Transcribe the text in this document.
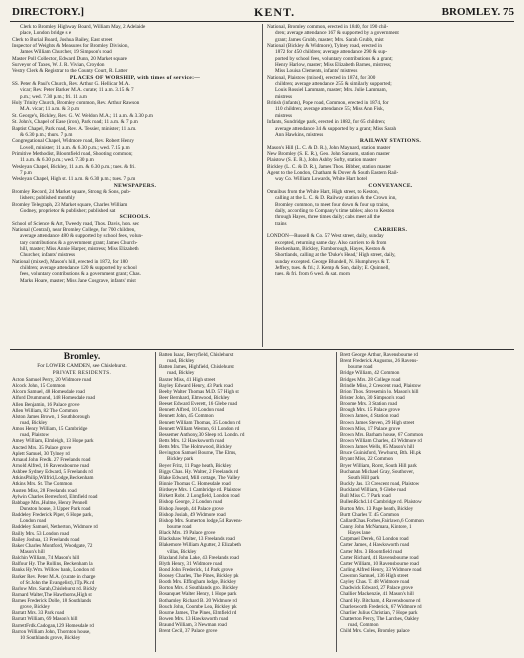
DIRECTORY.]	KENT.	BROMLEY. 75
Clerk to Bromley Highway Board, William May, 2 Adelaide
place, London bridge s e
Clerk to Burial Board, Joshua Bailey, East street
Inspector of Weights & Measures for Bromley Division,
James William Churcher, 19 Simpson's road
Master Poll Collector, Edward Dunn, 20 Market square
Surveyor of Taxes, W. J. R. Vivian, Croydon
Vestry Clerk & Registrar to the County Court, R. Latter
PLACES OF WORSHIP, with times of service:—
SS. Peter & Paul's Church, Rev. Arthur G. Hellicar M.A.
vicar; Rev. Peter Barker M.A. curate; 11 a.m. 3.15 & 7
p.m.; wed. 7.30 p.m.; fri. 11 a.m
Holy Trinity Church, Bromley common, Rev. Arthur Rawson
M.A. vicar; 11 a.m. & 3 p.m
St. George's, Bickley, Rev. G. W. Weldon M.A.; 11 a.m. & 3.30 p.m
St. John's, Chapel of Ease (iron), Park road; 11 a.m. & 7 p.m
Baptist Chapel, Park road, Rev. A. Tessier, minister; 11 a.m.
& 6.30 p.m.; thurs. 7 p.m
Congregational Chapel, Widmore road, Rev. Robert Henry
Lovell, minister; 11 a.m. & 6.30 p.m.; wed. 7.15 p.m
Primitive Methodist, Bloomfield road, Shooting common;
11 a.m. & 6.30 p.m.; wed. 7.30 p.m
Wesleyan Chapel, Bickley, 11 a.m. & 6.30 p.m.; tues. & fri.
7 p.m
Wesleyan Chapel, High st. 11 a.m. & 6.30 p.m.; tues. 7 p.m
NEWSPAPERS.
Bromley Record, 24 Market square, Strong & Sons, pub-
lishers; published monthly
Bromley Telegraph, 23 Market square, Charles William
Godney, proprietor & publisher; published sat
SCHOOLS.
School of Science & Art, Tweedy road, Thos. Davis, hon. sec
National (Central), near Bromley College, for 700 children,
average attendance 480 & supported by school fees, volun-
tary contributions & a government grant; James Church-
hill, master; Miss Annie Harper, mistress; Miss Elizabeth
Churcher, infants' mistress
National (mixed), Mason's hill, erected in 1872, for 180
children; average attendance 120 & supported by school
fees, voluntary contributions & a government grant; Chas.
Marks Hoare, master; Miss Jane Cosgrave, infants' mist
National, Bromley common, erected in 1840, for 190 chil-
dren; average attendance 167 & supported by a government
grant; James Grubb, master; Mrs. Sarah Grubb, mist
National (Bickley & Widmore), Tylney road, erected in
1872 for 450 children; average attendance 290 & sup-
ported by school fees, voluntary contributions & a grant;
Henry Harlow, master; Miss Elizabeth Barnes, mistress;
Miss Louisa Clements, infants' mistress
National, Plaistow (mixed), erected in 1874, for 300
children; average attendance 255 & similarly supported;
Louis Rossiel Lammam, master; Mrs. Julie Lammam,
mistress
British (infants), Pope road, Common, erected in 1874, for
110 children; average attendance 55; Miss Ann Fisk,
mistress
Infants, Sundridge park, erected in 1882, for 65 children;
average attendance 34 & supported by a grant; Miss Sarah
Ann Hawkins, mistress
RAILWAY STATIONS.
Mason's Hill (L. C. & D. R.), John Maynard, station master
New Bromley (S. E. R.), Geo. John Sansom, station master
Plaistow (S. E. R.), John Ashby Softy, station master
Bickley (L. C. & D. R.), James Thos. Bibber, station master
Agent to the London, Chatham & Dover & South Eastern Rail-
way Co. William Lowards, White Hart hotel
CONVEYANCE.
Omnibus from the White Hart, High street, to Keston,
calling at the L. C. & D. Railway station & the Crown inn,
Bromley common, to meet four down & four up trains,
daily, according to Company's time tables; also to Keston
through Hayes, three times daily; cabs meet all the
trains
CARRIERS.
LONDON—Russell & Co. 57 West street, daily, sunday
excepted, returning same day. Also carriers to & from
Beckenham, Bickley, Farnborough, Hayes, Keston &
Shortlands, calling at the 'Duke's Head,' High street, daily,
sunday excepted. George Blundell, N. Humphreys & T.
Jeffery, tues. & fri.; J. Kemp & Son, daily; E. Quinnell,
tues. & fri. from 6 wed. & sat. morn
Bromley.
For LOWER CAMDEN, see Chislehurst.
PRIVATE RESIDENTS.
Acton Samuel Perry, 20 Widmore road
Alcock John, 15 Common
Alcorn Samuel, 48 Homesdale road
Alford Drummond, 148 Homesdale road
Allen Benjamin, 16 Palace grove
Allen William, 82 The Common
Alston James Brown, 1 Southborough
road, Bickley
Amos Henry William, 15 Cambridge
road, Plaistow
Amey William, Elmleigh, 13 Hope park
Ancted Mrs. 35 Palace grove
Aplett Samuel, 30 Tylney rd
Arnaud John Fredk. 27 Freelands road
Arnold Alfred, 16 Ravensbourne road
Ashbee Sydney Edward, 5 Freelands rd
AtkinsPhilip,Wilfrid,Lodge,Beckenham
Atkins Mrs. St. The Common
Austen Miss, 28 Freelands road
Aylwin Charles Berresford, Elmfield road
Babbage Mrs.,Hulme, Henry Pennell
Dunston house, 3 Upper Park road
Baddeley Frederick Piper, 6 Hope park,
London road
Baddeley Samuel, Netherton, Widmore rd
Bailly Mrs. 53 London road
Bailey Joshua, 13 Freelands road
Baker Charles Montford, Woodgate, 72
Mason's hill
Balchin William, 74 Mason's hill
Balfour Hy. The Rollins, Beckenham la
Banks Hy.Wm. Willow bank, London rd
Barker Rev. Peter M.A. (curate in charge
of St.John the Evangelist),1Tp.Pk.rd
Barlow Mrs. Sarah,Chislehurst rd. Bickly
Barnard Walter,The Hawthorns,High st
Barnes Frederick Dolle, 18 Southlands
grove, Bickley
Barratt Mrs. 33 Park road
Barratt William, 69 Mason's hill
BarrettFrdk.Cadogan,129 Homesdale rd
Barron William John, Thornton house,
10 Southlands grove, Bickley
Batten Isaac, Berryfield, Chislehurst
road, Bickley
Batten James, Highfield, Chislehurst
road, Bickley
Baxter Miss, 41 High street
Bayley Edward Henry, 43 Park road
Beeby Walter Thomas M.D. 57 High st
Beer Bernhard, Elmwood, Bickley
Beeset Edward Everett, 16 Glebe road
Bennett Alfred, 10 London road
Bennett John, 45 Common
Bennett William Thomas, 35 London rd
Bennett William Weston, 61 London rd
Bessemer Anthony,30 Sleep rd. Londn. rd
Betts Mrs. 12 Hawksworth road
Betts Mrs. The Holmwood, Bickley
Bevington Samuel Bourne, The Elms,
Bickley park
Beyer Fritz, 11 Page heath, Bickley
Biggs Chas. Hy. Walter, 2 Freelands rd
Blake Edward, Mill cottage, The Valley
Binnie Thomas C. Homesdale road
Birdseye Mrs. 1 Cambridge rd. Plaistow
Birkett Robt. 2 Longfield, London road
Bishop George, 2 London road
Bishop Joseph, 44 Palace grove
Bishop Josiah, 49 Widmore road
Bishop Mrs. Sumerton lodge,54 Ravens-
bourne road
Black Mrs. 19 Palace grove
Blackshaw Walter, 13 Freelands road
Blakemore William Agutter, 2 Elizabeth
villas, Bickley
Blaxland John Lake, 43 Freelands road
Blyth Henry, 31 Widmore road
Bond John Frederick, 14 Park grove
Boosey Charles, The Pines, Bickley pk
Booth Mrs. Effingham lodge, Bickley
Borton Mrs. 4 Southlands gro. Bickley
Bosanquet Walter Henry, 1 Hope park
Bothamley Richard B. 20 Widmore rd
Bouch John, Coombe Lea, Bickley pk
Bourne James, The Pines, Elmfield rd
Bowen Mrs. 13 Hawksworth road
Braund William, 3 Newman road
Brent Cecil, 37 Palace grove
Brett George Arthur, Ravensbourne rd
Brent Frederick Augustus, 26 Ravens-
bourne road
Bridge William, 42 Common
Bridges Mrs. 28 College road
Brindle Miss, 2 Crescent road, Plaistow
Brion Thos. Stresemin lo. Mason's hill
Brister John, 30 Simpson's road
Broome Mrs. 3 Station road
Brough Mrs. 15 Palace grove
Brown James, 4 Station road
Brown James Steven, 29 High street
Brown Miss, 17 Palace grove
Brown Mrs. Barham house, 67 Common
Brown William Charles, 43 Widmore rd
Brown James Wells, 85 Mason's hill
Bruce Guinisford, Yewhurst, Bth. Hl.pk
Bryant Miss, 22 Common
Bryer William, Rorst, South Hill park
Buchanan Michael Gray, Southover,
South Hill park
Buckly Jas. 13 Crescent road, Plaistow
Buckland William, 9 Glebe road
Bull Miss C. 7 Park road
BullenRichd.14 Cambridge rd. Plaistow
Burton Mrs. 13 Page heath, Bickley
Burtt Charles T. 45 Common
CallardChas.Forbes,Fairlawn,6 Common
Canny John McNamara, Kintore, 1
Hayes lane
Carpmael Derek, 63 London road
Carter James, 4 Hawksworth road
Carter Mrs. 3 Bloomfield road
Carter Richard, 41 Ravensbourne road
Carter William, 10 Ravensbourne road
Carling Alfred Henry, 33 Widmore road
Cawston Samuel, 136 High street
Cayley Chas. T. 48 Widmore road
Chadwick Edward, 27 Palace grove
Challier Mackenzie, 41 Mason's hill
Chard Hy. Bitcham, 4 Ravensbourne rd
Charlesworth Frederick, 67 Widmore rd
Charlier Julius Christian, 7 Hope park
Chatterton Percy, The Larches, Oakley
road, Common
Child Mrs. Coles, Bromley palace
